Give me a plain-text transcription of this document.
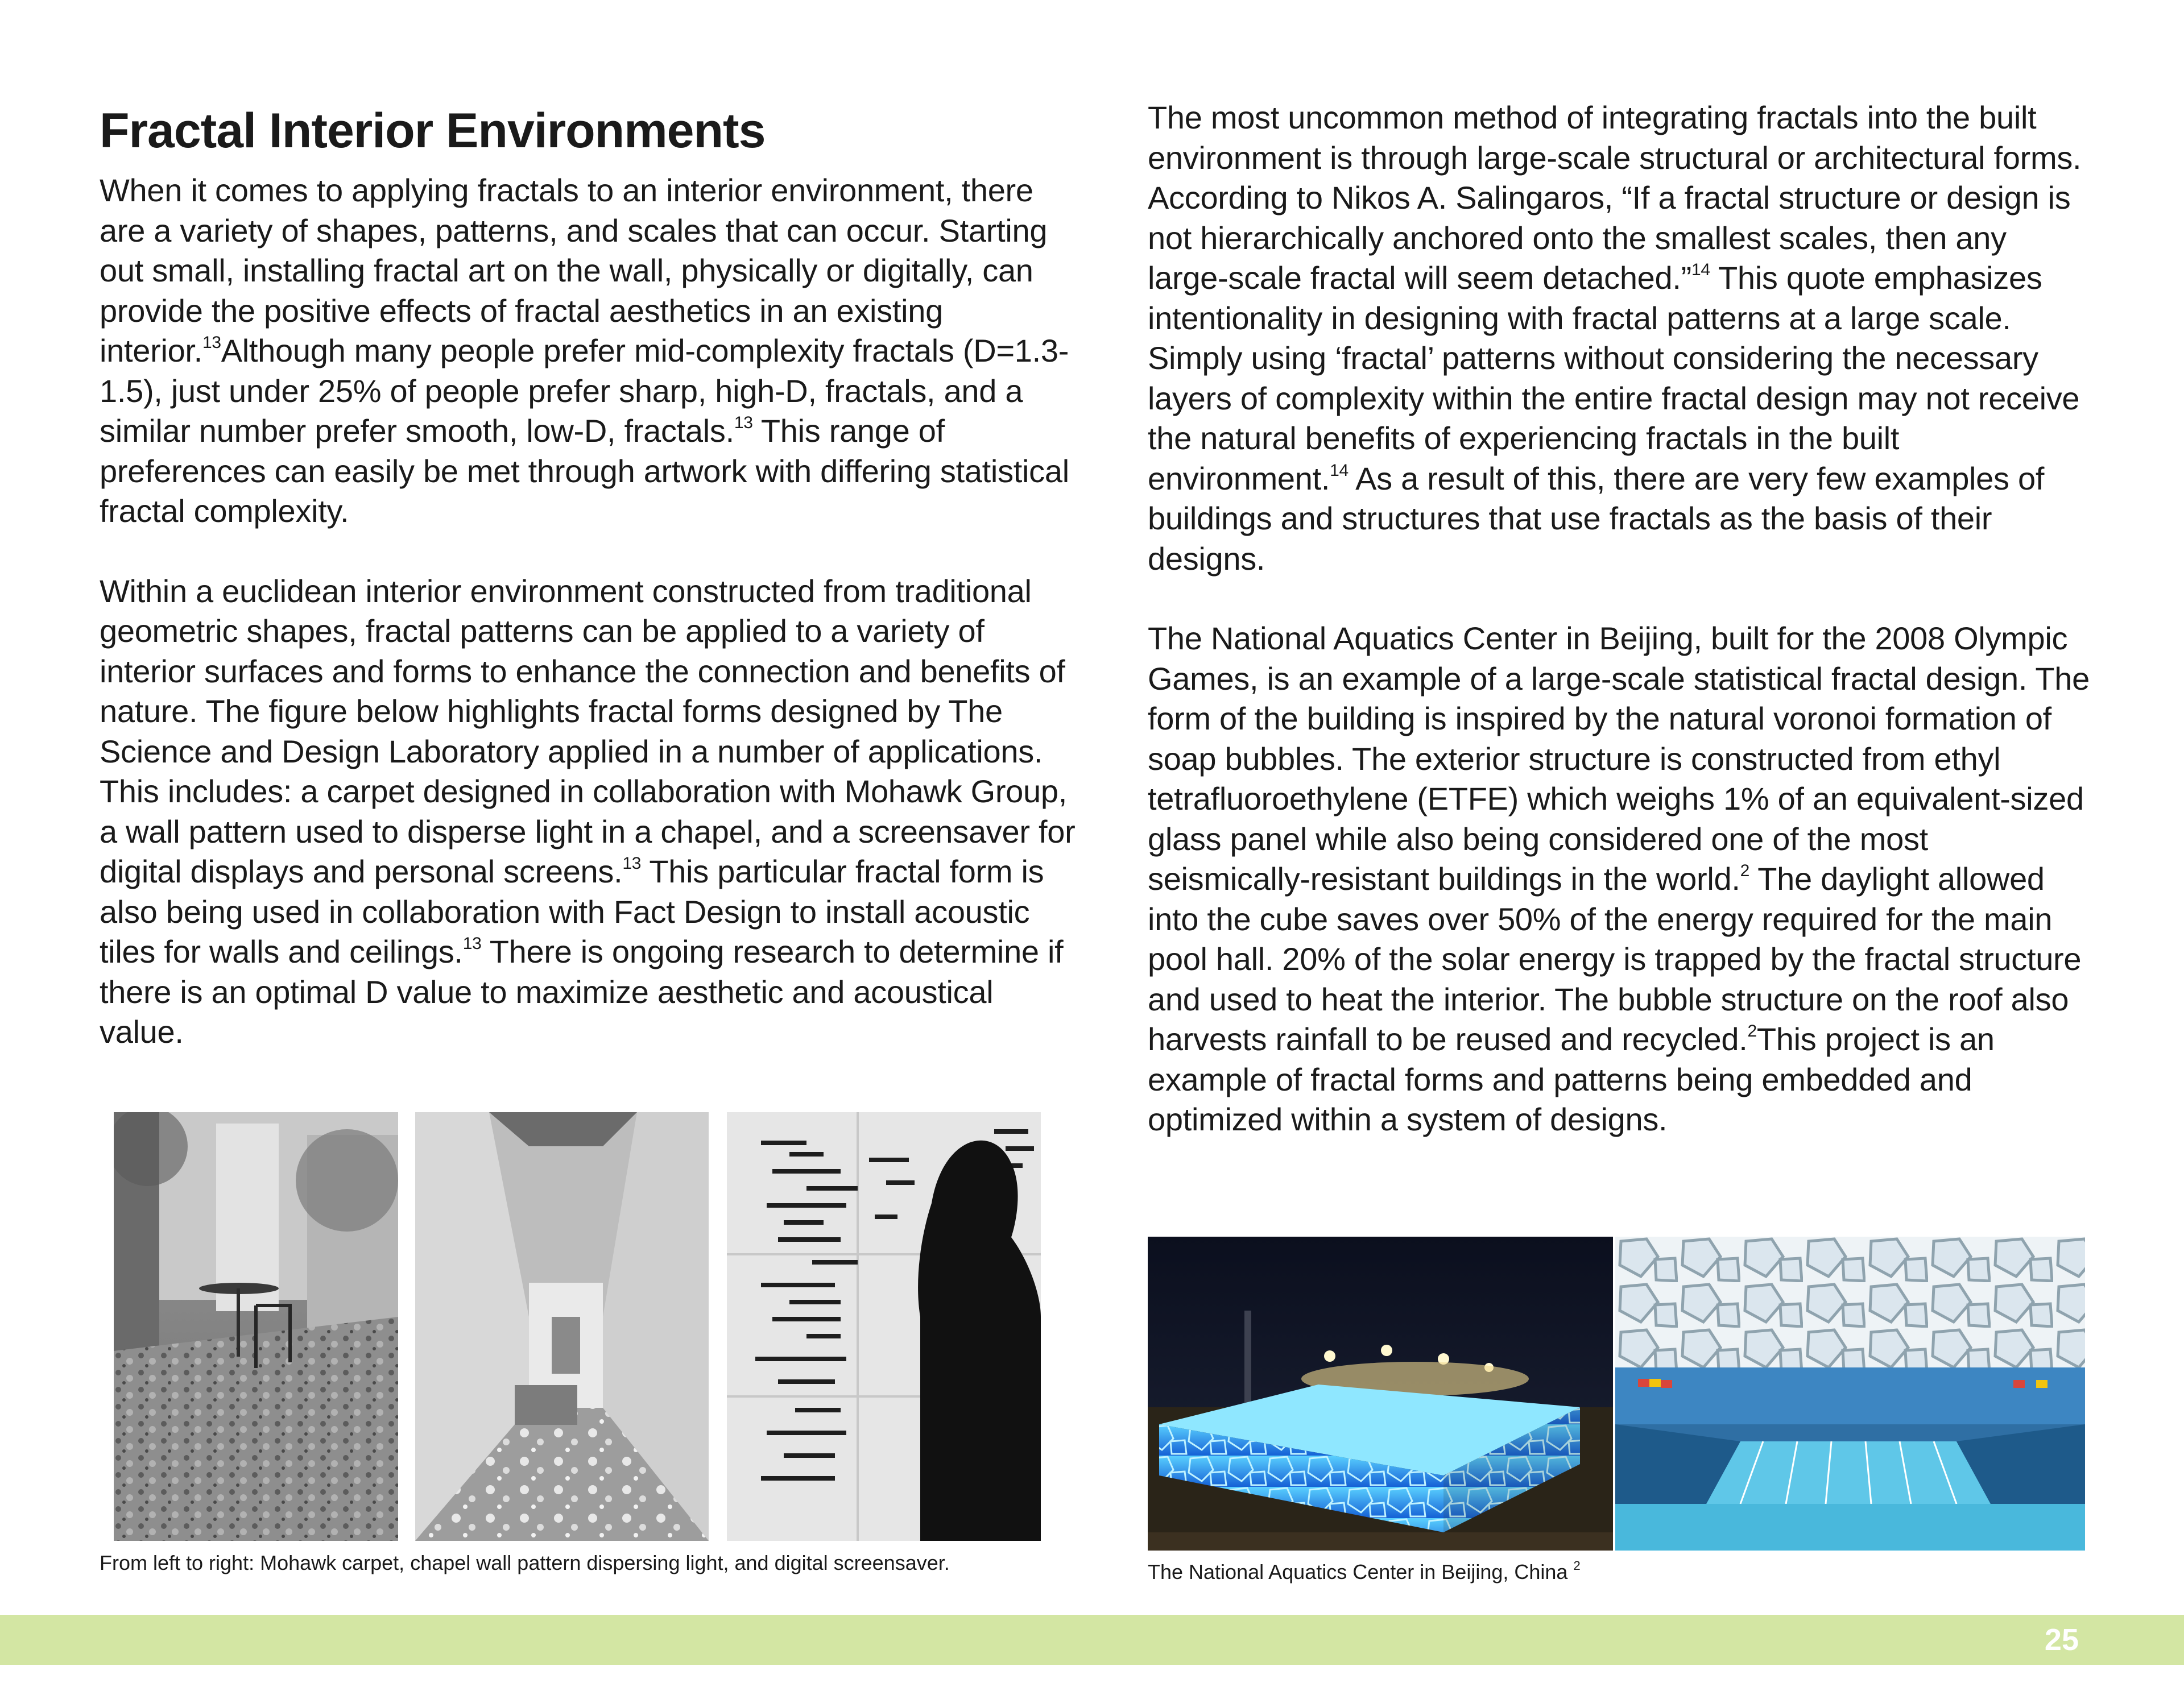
Fractal Interior Environments

When it comes to applying fractals to an interior environment, there are a variety of shapes, patterns, and scales that can occur. Starting out small, installing fractal art on the wall, physically or digitally, can provide the positive effects of fractal aesthetics in an existing interior.$^{13}$Although many people prefer mid-complexity fractals (D=1.3-1.5), just under 25% of people prefer sharp, high-D, fractals, and a similar number prefer smooth, low-D, fractals.$^{13}$ This range of preferences can easily be met through artwork with differing statistical fractal complexity.

Within a euclidean interior environment constructed from traditional geometric shapes, fractal patterns can be applied to a variety of interior surfaces and forms to enhance the connection and benefits of nature. The figure below highlights fractal forms designed by The Science and Design Laboratory applied in a number of applications. This includes: a carpet designed in collaboration with Mohawk Group, a wall pattern used to disperse light in a chapel, and a screensaver for digital displays and personal screens.$^{13}$ This particular fractal form is also being used in collaboration with Fact Design to install acoustic tiles for walls and ceilings.$^{13}$ There is ongoing research to determine if there is an optimal D value to maximize aesthetic and acoustical value.

From left to right: Mohawk carpet, chapel wall pattern dispersing light, and digital screensaver.

The most uncommon method of integrating fractals into the built environment is through large-scale structural or architectural forms. According to Nikos A. Salingaros, “If a fractal structure or design is not hierarchically anchored onto the smallest scales, then any large-scale fractal will seem detached.”$^{14}$ This quote emphasizes intentionality in designing with fractal patterns at a large scale. Simply using ‘fractal’ patterns without considering the necessary layers of complexity within the entire fractal design may not receive the natural benefits of experiencing fractals in the built environment.$^{14}$ As a result of this, there are very few examples of buildings and structures that use fractals as the basis of their designs.

The National Aquatics Center in Beijing, built for the 2008 Olympic Games, is an example of a large-scale statistical fractal design. The form of the building is inspired by the natural voronoi formation of soap bubbles. The exterior structure is constructed from ethyl tetrafluoroethylene (ETFE) which weighs 1% of an equivalent-sized glass panel while also being considered one of the most seismically-resistant buildings in the world.$^2$ The daylight allowed into the cube saves over 50% of the energy required for the main pool hall. 20% of the solar energy is trapped by the fractal structure and used to heat the interior. The bubble structure on the roof also harvests rainfall to be reused and recycled.$^2$This project is an example of fractal forms and patterns being embedded and optimized within a system of designs.

The National Aquatics Center in Beijing, China $^2$
25
